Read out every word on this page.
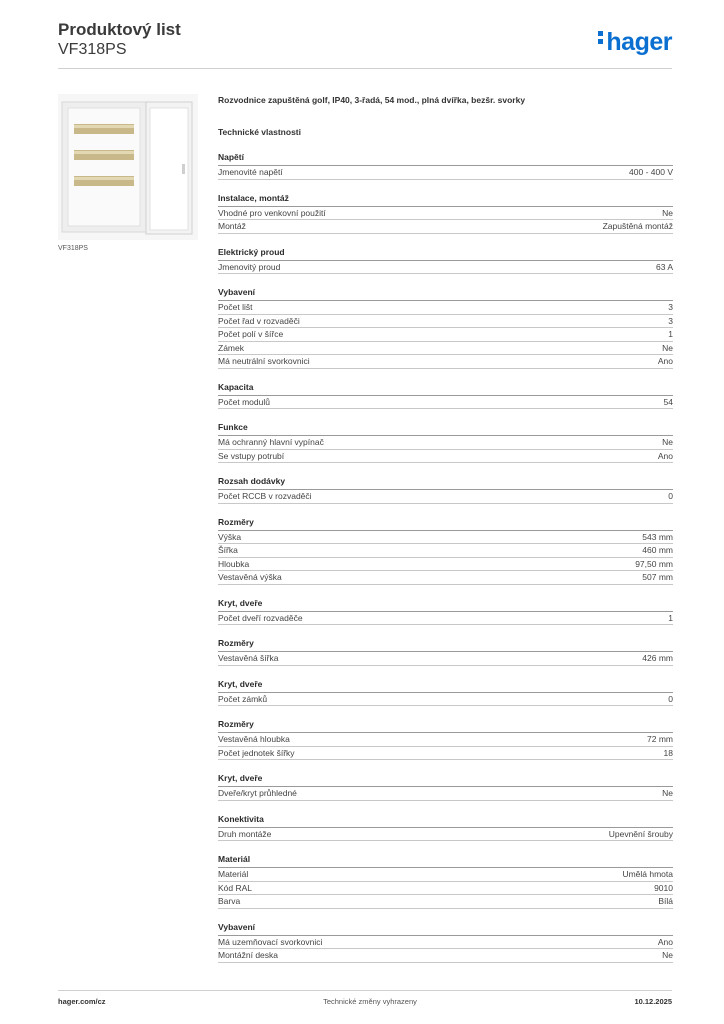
Produktový list
VF318PS	hager
VF318PS
Rozvodnice zapuštěná golf, IP40, 3-řadá, 54 mod., plná dvířka, bezšr. svorky
Technické vlastnosti
Napětí
Jmenovité napětí	400 - 400 V
Instalace, montáž
Vhodné pro venkovní použití	Ne
Montáž	Zapuštěná montáž
Elektrický proud
Jmenovitý proud	63 A
Vybavení
Počet lišt	3
Počet řad v rozvaděči	3
Počet polí v šířce	1
Zámek	Ne
Má neutrální svorkovnici	Ano
Kapacita
Počet modulů	54
Funkce
Má ochranný hlavní vypínač	Ne
Se vstupy potrubí	Ano
Rozsah dodávky
Počet RCCB v rozvaděči	0
Rozměry
Výška	543 mm
Šířka	460 mm
Hloubka	97,50 mm
Vestavěná výška	507 mm
Kryt, dveře
Počet dveří rozvaděče	1
Rozměry
Vestavěná šířka	426 mm
Kryt, dveře
Počet zámků	0
Rozměry
Vestavěná hloubka	72 mm
Počet jednotek šířky	18
Kryt, dveře
Dveře/kryt průhledné	Ne
Konektivita
Druh montáže	Upevnění šrouby
Materiál
Materiál	Umělá hmota
Kód RAL	9010
Barva	Bílá
Vybavení
Má uzemňovací svorkovnici	Ano
Montážní deska	Ne
hager.com/cz	Technické změny vyhrazeny	10.12.2025
